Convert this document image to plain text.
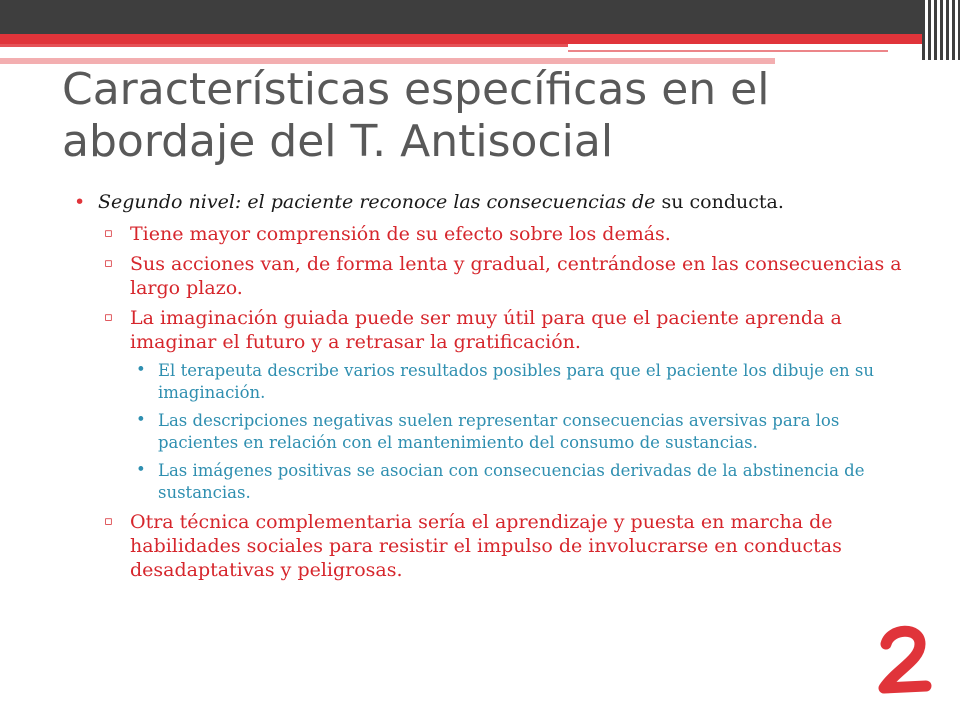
Características específicas en el abordaje del T. Antisocial

• Segundo nivel: el paciente reconoce las consecuencias de su conducta.

▫ Tiene mayor comprensión de su efecto sobre los demás.

▫ Sus acciones van, de forma lenta y gradual, centrándose en las consecuencias a largo plazo.

▫ La imaginación guiada puede ser muy útil para que el paciente aprenda a imaginar el futuro y a retrasar la gratificación.

• El terapeuta describe varios resultados posibles para que el paciente los dibuje en su imaginación.

• Las descripciones negativas suelen representar consecuencias aversivas para los pacientes en relación con el mantenimiento del consumo de sustancias.

• Las imágenes positivas se asocian con consecuencias derivadas de la abstinencia de sustancias.

▫ Otra técnica complementaria sería el aprendizaje y puesta en marcha de habilidades sociales para resistir el impulso de involucrarse en conductas desadaptativas y peligrosas.
